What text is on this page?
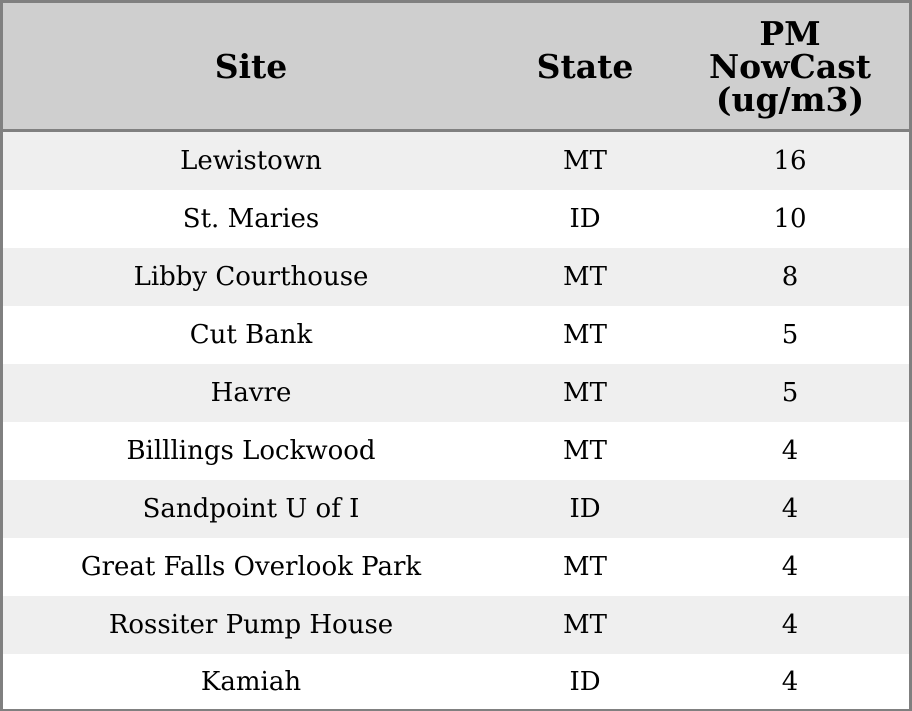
Site	State	PM
NowCast
(ug/m3)

Lewistown	MT	16
St. Maries	ID	10
Libby Courthouse	MT	8
Cut Bank	MT	5
Havre	MT	5
Billlings Lockwood	MT	4
Sandpoint U of I	ID	4
Great Falls Overlook Park	MT	4
Rossiter Pump House	MT	4
Kamiah	ID	4
